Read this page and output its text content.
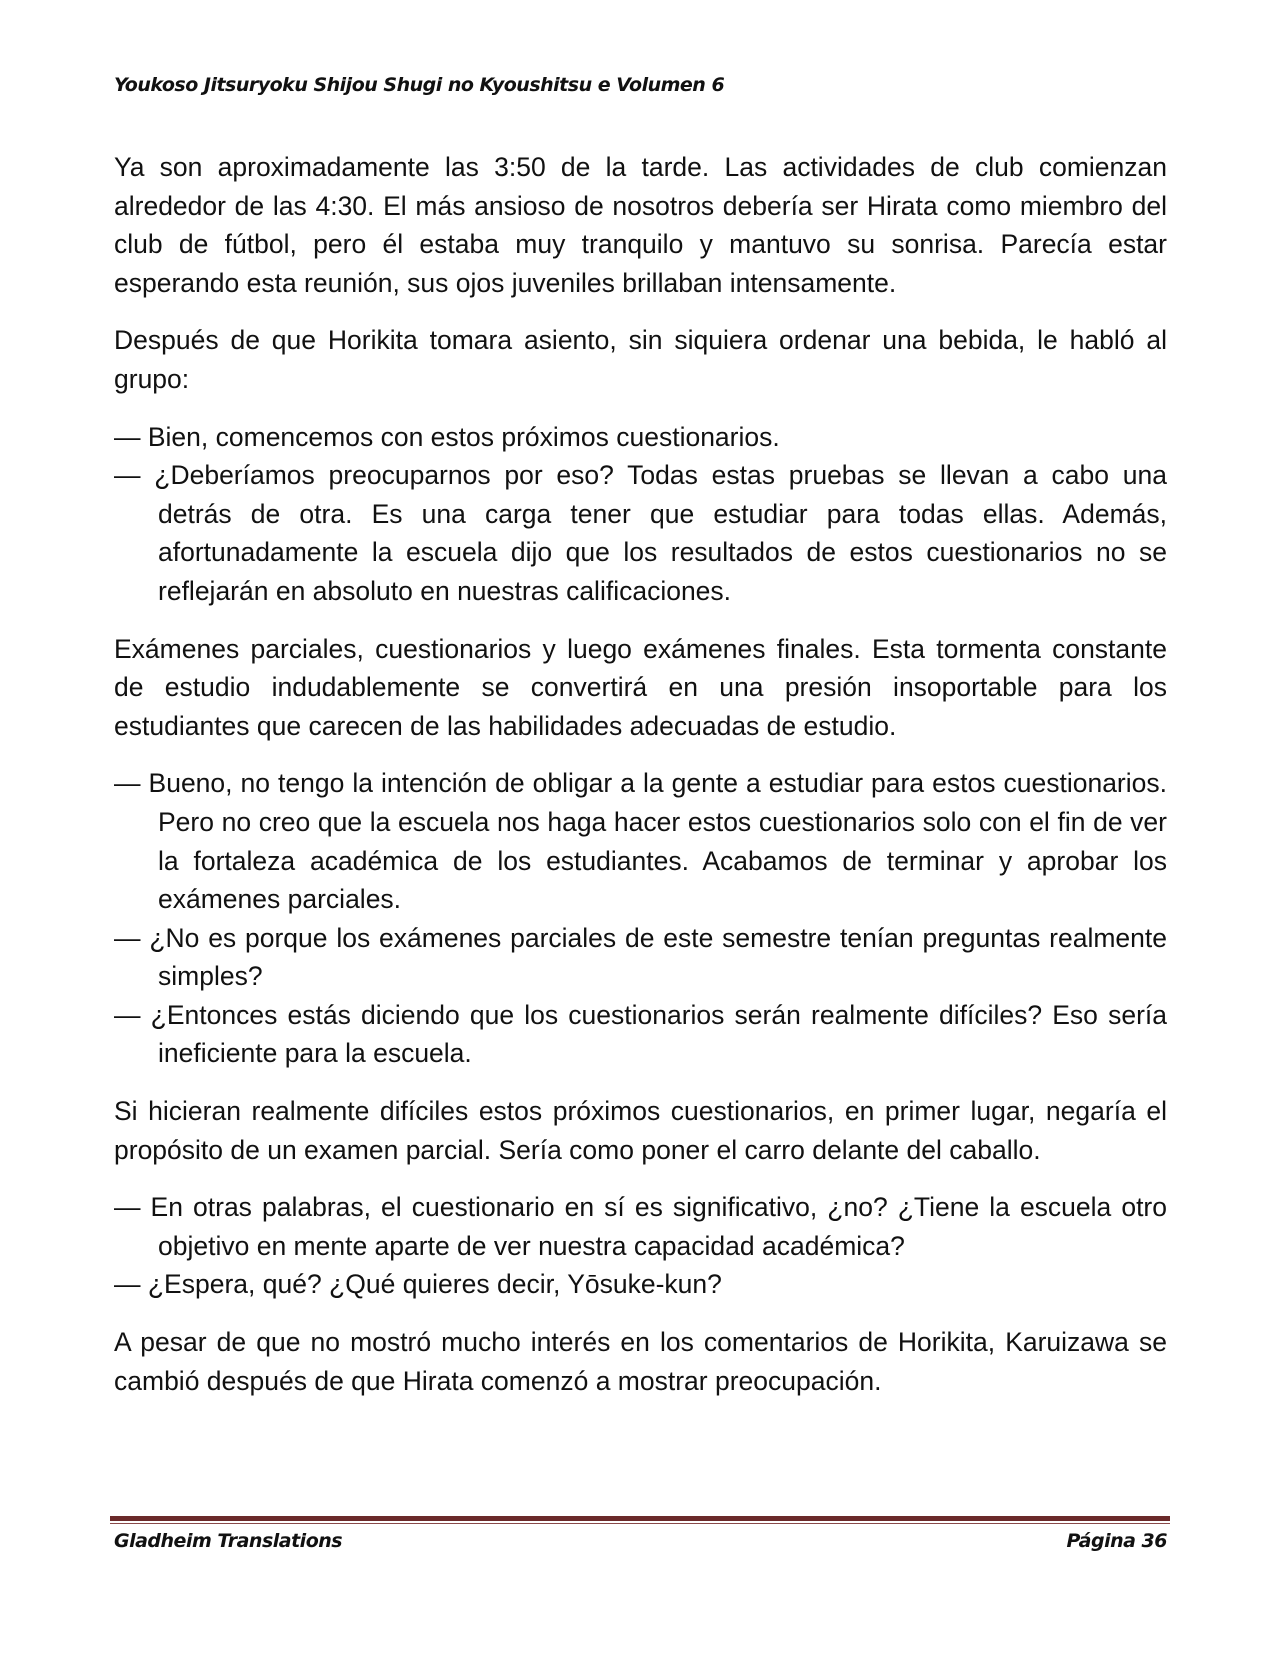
Youkoso Jitsuryoku Shijou Shugi no Kyoushitsu e Volumen 6

Ya son aproximadamente las 3:50 de la tarde. Las actividades de club comienzan alrededor de las 4:30. El más ansioso de nosotros debería ser Hirata como miembro del club de fútbol, pero él estaba muy tranquilo y mantuvo su sonrisa. Parecía estar esperando esta reunión, sus ojos juveniles brillaban intensamente.

Después de que Horikita tomara asiento, sin siquiera ordenar una bebida, le habló al grupo:

— Bien, comencemos con estos próximos cuestionarios.

— ¿Deberíamos preocuparnos por eso? Todas estas pruebas se llevan a cabo una detrás de otra. Es una carga tener que estudiar para todas ellas. Además, afortunadamente la escuela dijo que los resultados de estos cuestionarios no se reflejarán en absoluto en nuestras calificaciones.

Exámenes parciales, cuestionarios y luego exámenes finales. Esta tormenta constante de estudio indudablemente se convertirá en una presión insoportable para los estudiantes que carecen de las habilidades adecuadas de estudio.

— Bueno, no tengo la intención de obligar a la gente a estudiar para estos cuestionarios. Pero no creo que la escuela nos haga hacer estos cuestionarios solo con el fin de ver la fortaleza académica de los estudiantes. Acabamos de terminar y aprobar los exámenes parciales.

— ¿No es porque los exámenes parciales de este semestre tenían preguntas realmente simples?

— ¿Entonces estás diciendo que los cuestionarios serán realmente difíciles? Eso sería ineficiente para la escuela.

Si hicieran realmente difíciles estos próximos cuestionarios, en primer lugar, negaría el propósito de un examen parcial. Sería como poner el carro delante del caballo.

— En otras palabras, el cuestionario en sí es significativo, ¿no? ¿Tiene la escuela otro objetivo en mente aparte de ver nuestra capacidad académica?

— ¿Espera, qué? ¿Qué quieres decir, Yōsuke-kun?

A pesar de que no mostró mucho interés en los comentarios de Horikita, Karuizawa se cambió después de que Hirata comenzó a mostrar preocupación.

Gladheim Translations	Página 36
